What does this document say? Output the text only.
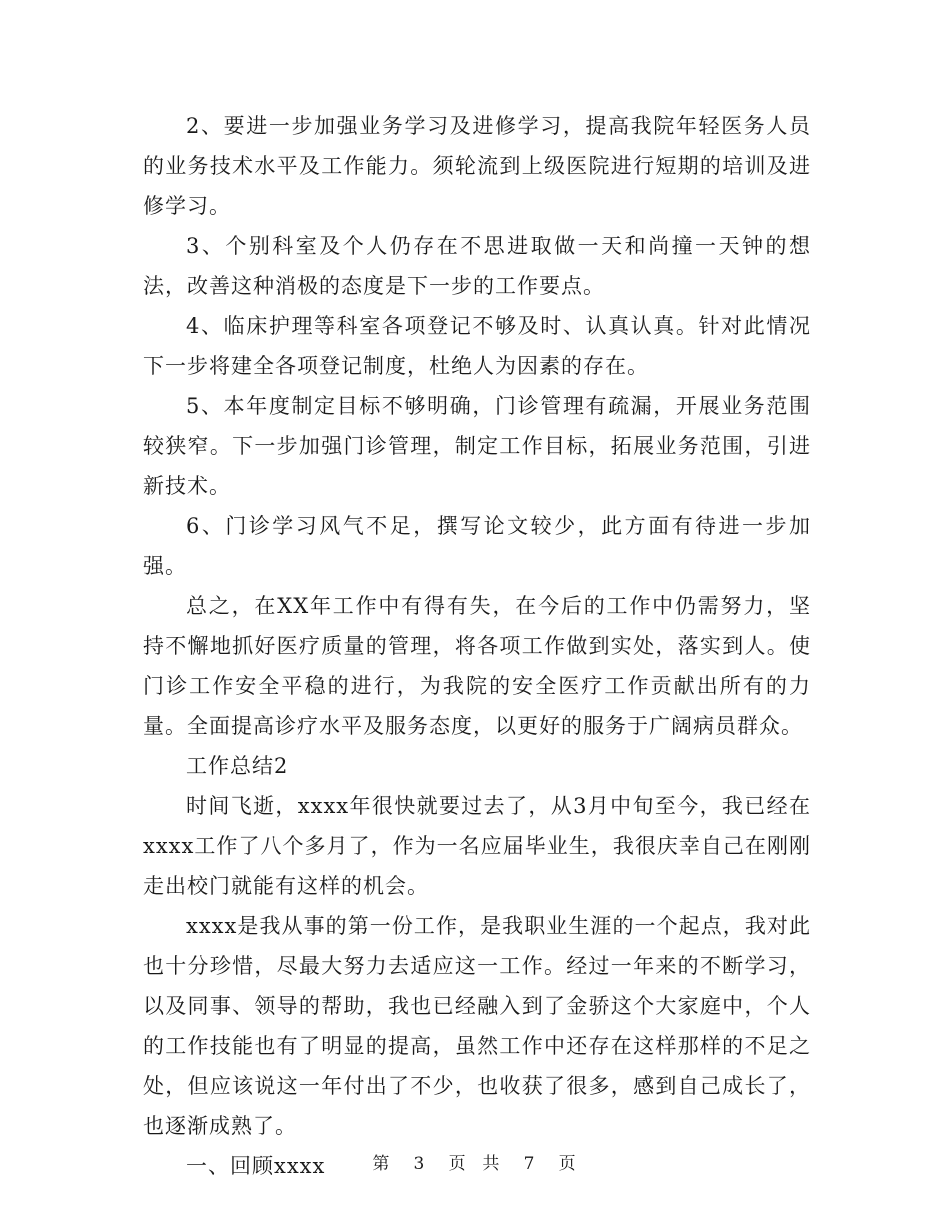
2、要进一步加强业务学习及进修学习，提高我院年轻医务人员的业务技术水平及工作能力。须轮流到上级医院进行短期的培训及进修学习。

3、个别科室及个人仍存在不思进取做一天和尚撞一天钟的想法，改善这种消极的态度是下一步的工作要点。

4、临床护理等科室各项登记不够及时、认真认真。针对此情况下一步将建全各项登记制度，杜绝人为因素的存在。

5、本年度制定目标不够明确，门诊管理有疏漏，开展业务范围较狭窄。下一步加强门诊管理，制定工作目标，拓展业务范围，引进新技术。

6、门诊学习风气不足，撰写论文较少，此方面有待进一步加强。

总之，在XX年工作中有得有失，在今后的工作中仍需努力，坚持不懈地抓好医疗质量的管理，将各项工作做到实处，落实到人。使门诊工作安全平稳的进行，为我院的安全医疗工作贡献出所有的力量。全面提高诊疗水平及服务态度，以更好的服务于广阔病员群众。

工作总结2

时间飞逝，xxxx年很快就要过去了，从3月中旬至今，我已经在xxxx工作了八个多月了，作为一名应届毕业生，我很庆幸自己在刚刚走出校门就能有这样的机会。

xxxx是我从事的第一份工作，是我职业生涯的一个起点，我对此也十分珍惜，尽最大努力去适应这一工作。经过一年来的不断学习，以及同事、领导的帮助，我也已经融入到了金骄这个大家庭中，个人的工作技能也有了明显的提高，虽然工作中还存在这样那样的不足之处，但应该说这一年付出了不少，也收获了很多，感到自己成长了，也逐渐成熟了。

一、回顾xxxx	第 3 页  共 7 页
